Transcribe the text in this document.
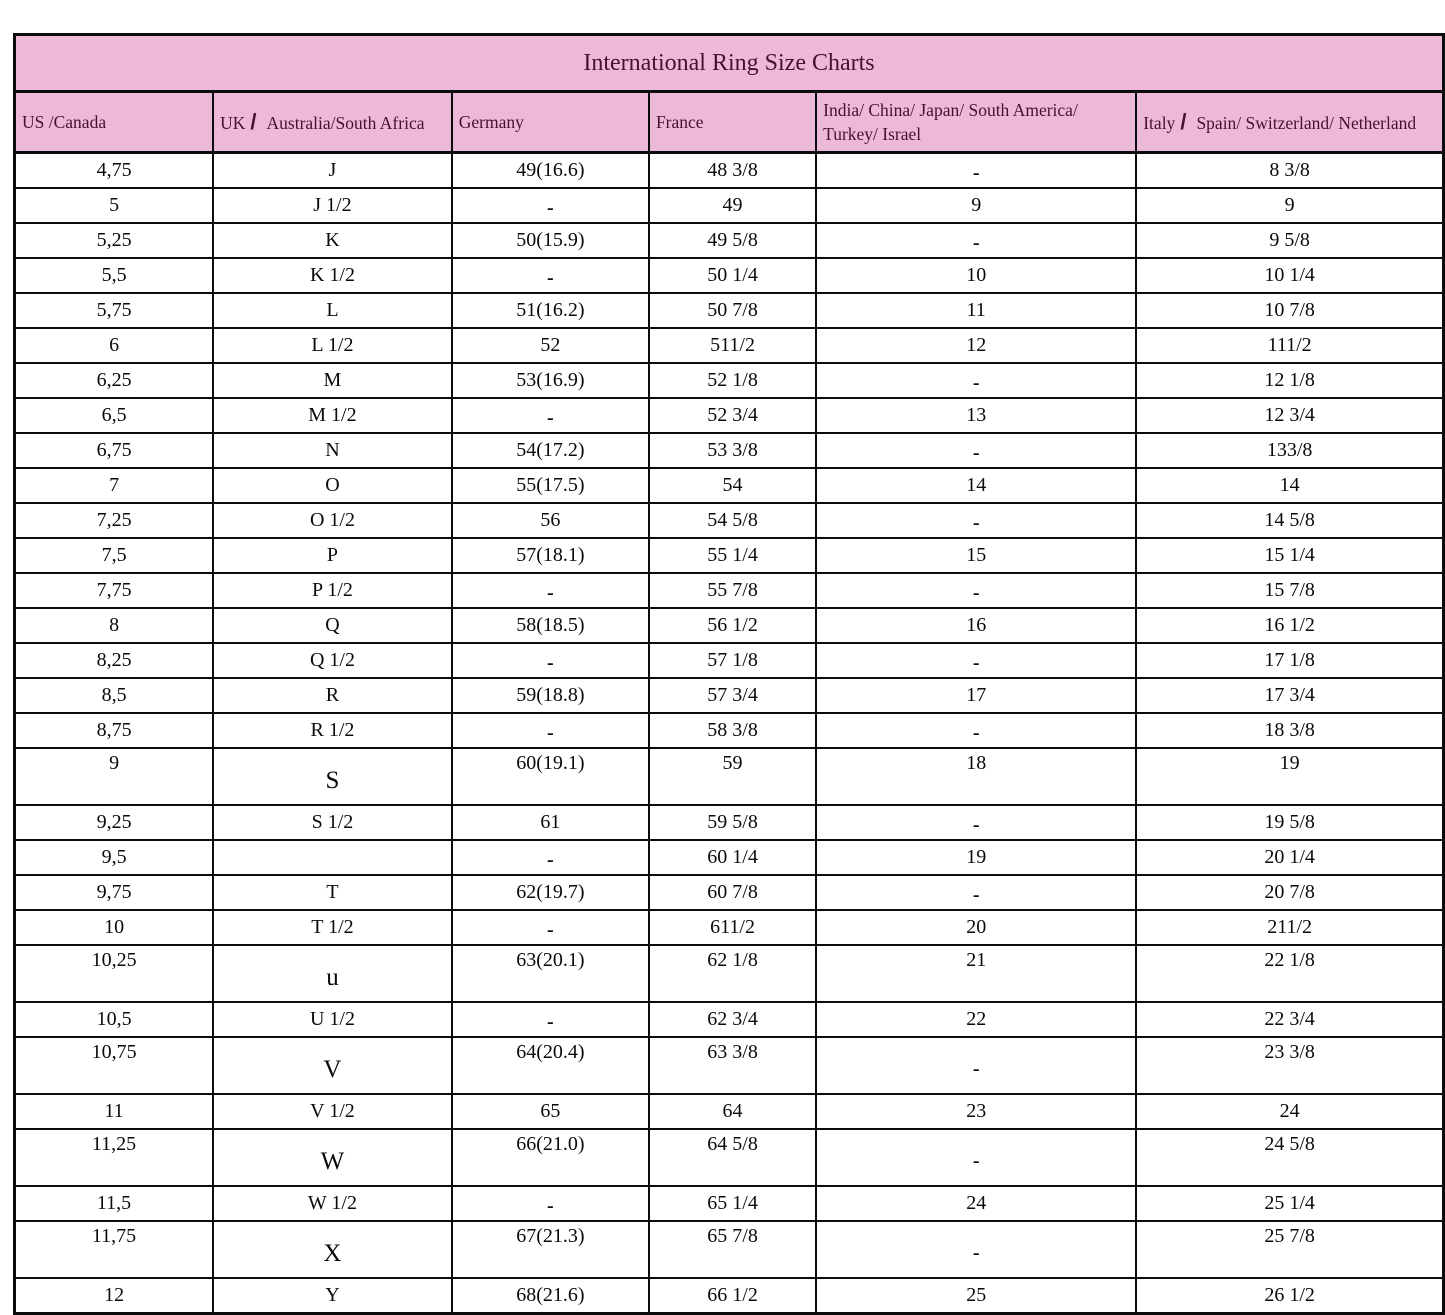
International Ring Size Charts					
US /Canada	UK / Australia/South Africa	Germany	France	India/ China/ Japan/ South America/ Turkey/ Israel	Italy / Spain/ Switzerland/ Netherland
4,75	J	49(16.6)	48 3/8	-	8 3/8
5	J 1/2	-	49	9	9
5,25	K	50(15.9)	49 5/8	-	9 5/8
5,5	K 1/2	-	50 1/4	10	10 1/4
5,75	L	51(16.2)	50 7/8	11	10 7/8
6	L 1/2	52	511/2	12	111/2
6,25	M	53(16.9)	52 1/8	-	12 1/8
6,5	M 1/2	-	52 3/4	13	12 3/4
6,75	N	54(17.2)	53 3/8	-	133/8
7	O	55(17.5)	54	14	14
7,25	O 1/2	56	54 5/8	-	14 5/8
7,5	P	57(18.1)	55 1/4	15	15 1/4
7,75	P 1/2	-	55 7/8	-	15 7/8
8	Q	58(18.5)	56 1/2	16	16 1/2
8,25	Q 1/2	-	57 1/8	-	17 1/8
8,5	R	59(18.8)	57 3/4	17	17 3/4
8,75	R 1/2	-	58 3/8	-	18 3/8
9	S	60(19.1)	59	18	19
9,25	S 1/2	61	59 5/8	-	19 5/8
9,5		-	60 1/4	19	20 1/4
9,75	T	62(19.7)	60 7/8	-	20 7/8
10	T 1/2	-	611/2	20	211/2
10,25	u	63(20.1)	62 1/8	21	22 1/8
10,5	U 1/2	-	62 3/4	22	22 3/4
10,75	V	64(20.4)	63 3/8	-	23 3/8
11	V 1/2	65	64	23	24
11,25	W	66(21.0)	64 5/8	-	24 5/8
11,5	W 1/2	-	65 1/4	24	25 1/4
11,75	X	67(21.3)	65 7/8	-	25 7/8
12	Y	68(21.6)	66 1/2	25	26 1/2
